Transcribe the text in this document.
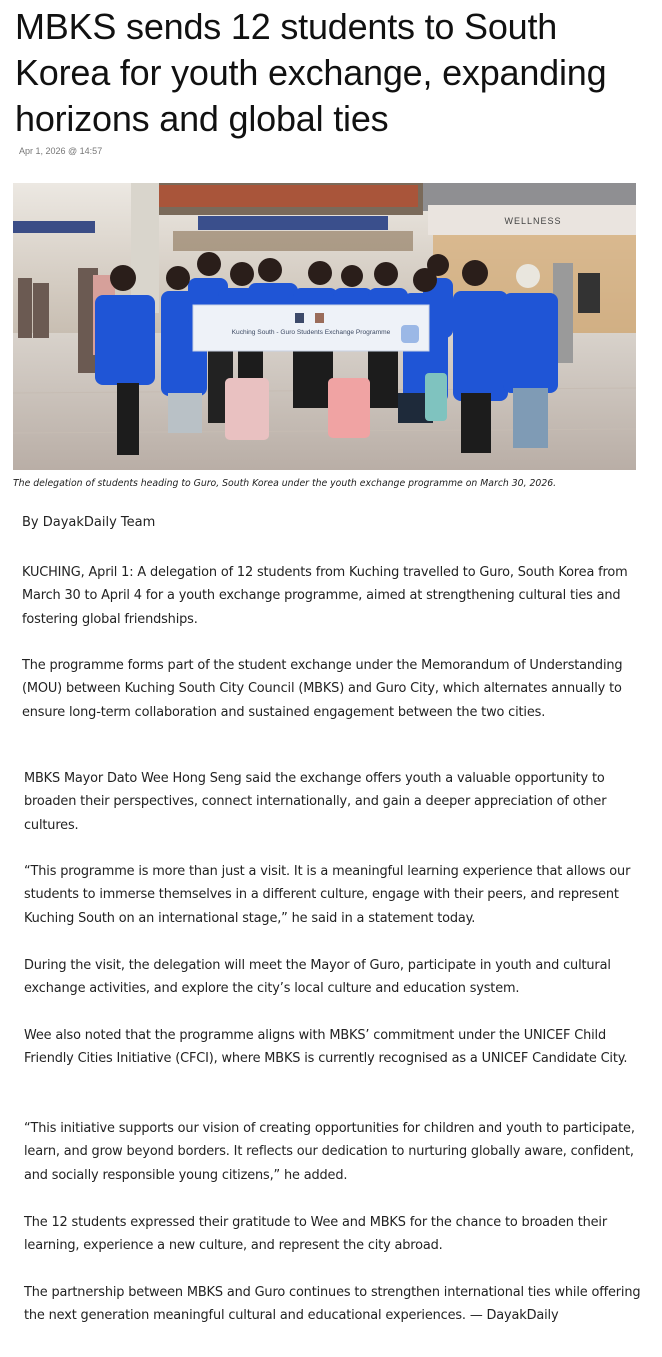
MBKS sends 12 students to South Korea for youth exchange, expanding horizons and global ties
Apr 1, 2026 @ 14:57
WELLNESS
Kuching South - Guro Students Exchange Programme
The delegation of students heading to Guro, South Korea under the youth exchange programme on March 30, 2026.
By DayakDaily Team

KUCHING, April 1: A delegation of 12 students from Kuching travelled to Guro, South Korea from March 30 to April 4 for a youth exchange programme, aimed at strengthening cultural ties and fostering global friendships.

The programme forms part of the student exchange under the Memorandum of Understanding (MOU) between Kuching South City Council (MBKS) and Guro City, which alternates annually to ensure long-term collaboration and sustained engagement between the two cities.

MBKS Mayor Dato Wee Hong Seng said the exchange offers youth a valuable opportunity to broaden their perspectives, connect internationally, and gain a deeper appreciation of other cultures.

“This programme is more than just a visit. It is a meaningful learning experience that allows our students to immerse themselves in a different culture, engage with their peers, and represent Kuching South on an international stage,” he said in a statement today.

During the visit, the delegation will meet the Mayor of Guro, participate in youth and cultural exchange activities, and explore the city’s local culture and education system.

Wee also noted that the programme aligns with MBKS’ commitment under the UNICEF Child Friendly Cities Initiative (CFCI), where MBKS is currently recognised as a UNICEF Candidate City.

“This initiative supports our vision of creating opportunities for children and youth to participate, learn, and grow beyond borders. It reflects our dedication to nurturing globally aware, confident, and socially responsible young citizens,” he added.

The 12 students expressed their gratitude to Wee and MBKS for the chance to broaden their learning, experience a new culture, and represent the city abroad.

The partnership between MBKS and Guro continues to strengthen international ties while offering the next generation meaningful cultural and educational experiences. — DayakDaily
